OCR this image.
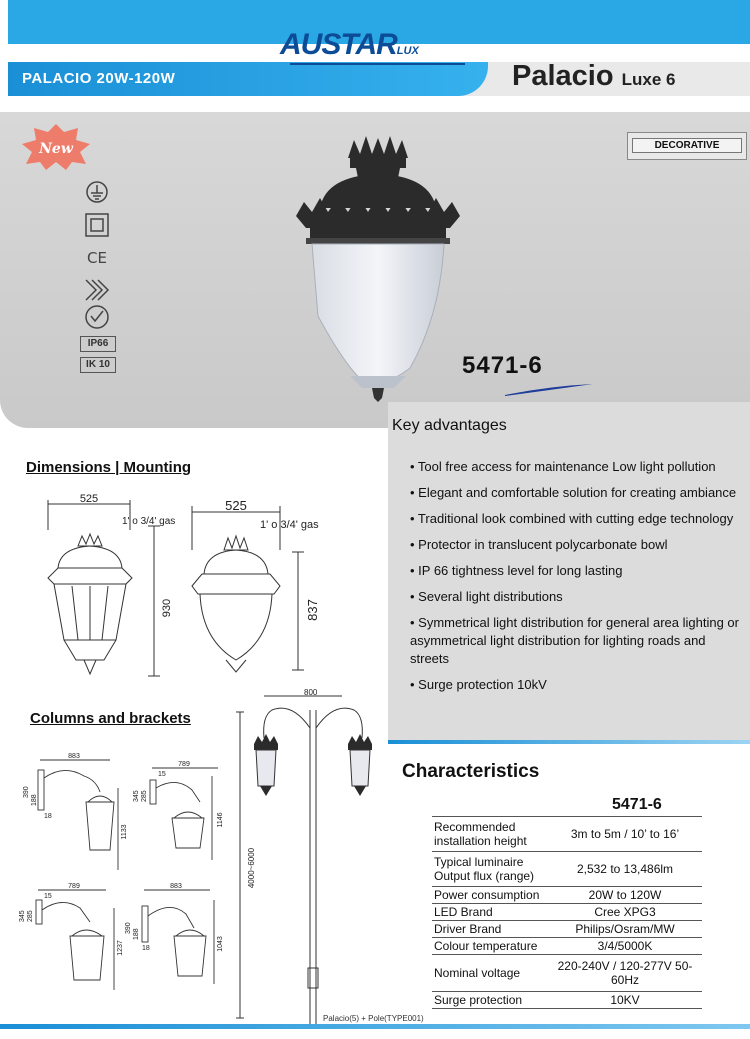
PALACIO 20W-120W
AUSTARLUX
Palacio Luxe 6
New	DECORATIVE
CE
IP66
IK 10	5471-6
Key advantages
• Tool free access for maintenance Low light pollution
• Elegant and comfortable solution for creating ambiance
• Traditional look combined with cutting edge technology
• Protector in translucent polycarbonate bowl
• IP 66 tightness level for long lasting
• Several light distributions
• Symmetrical light distribution for general area lighting or asymmetrical light distribution for lighting roads and streets
• Surge protection 10kV
Dimensions | Mounting
525
1' o 3/4' gas
930
525
1' o 3/4' gas
837
Columns and brackets
883
390
188
18
1133
789
15
345 285
1146
789
15
345 285
1237
883
390
188
18	1043
800
4000~6000
Palacio(5) + Pole(TYPE001)
Characteristics
5471-6
Recommended installation height	3m to 5m / 10’ to 16’
Typical luminaire Output flux (range)	2,532 to 13,486lm
Power consumption	20W to 120W
LED Brand	Cree XPG3
Driver Brand	Philips/Osram/MW
Colour temperature	3/4/5000K
Nominal voltage	220-240V / 120-277V 50-60Hz
Surge protection	10KV
